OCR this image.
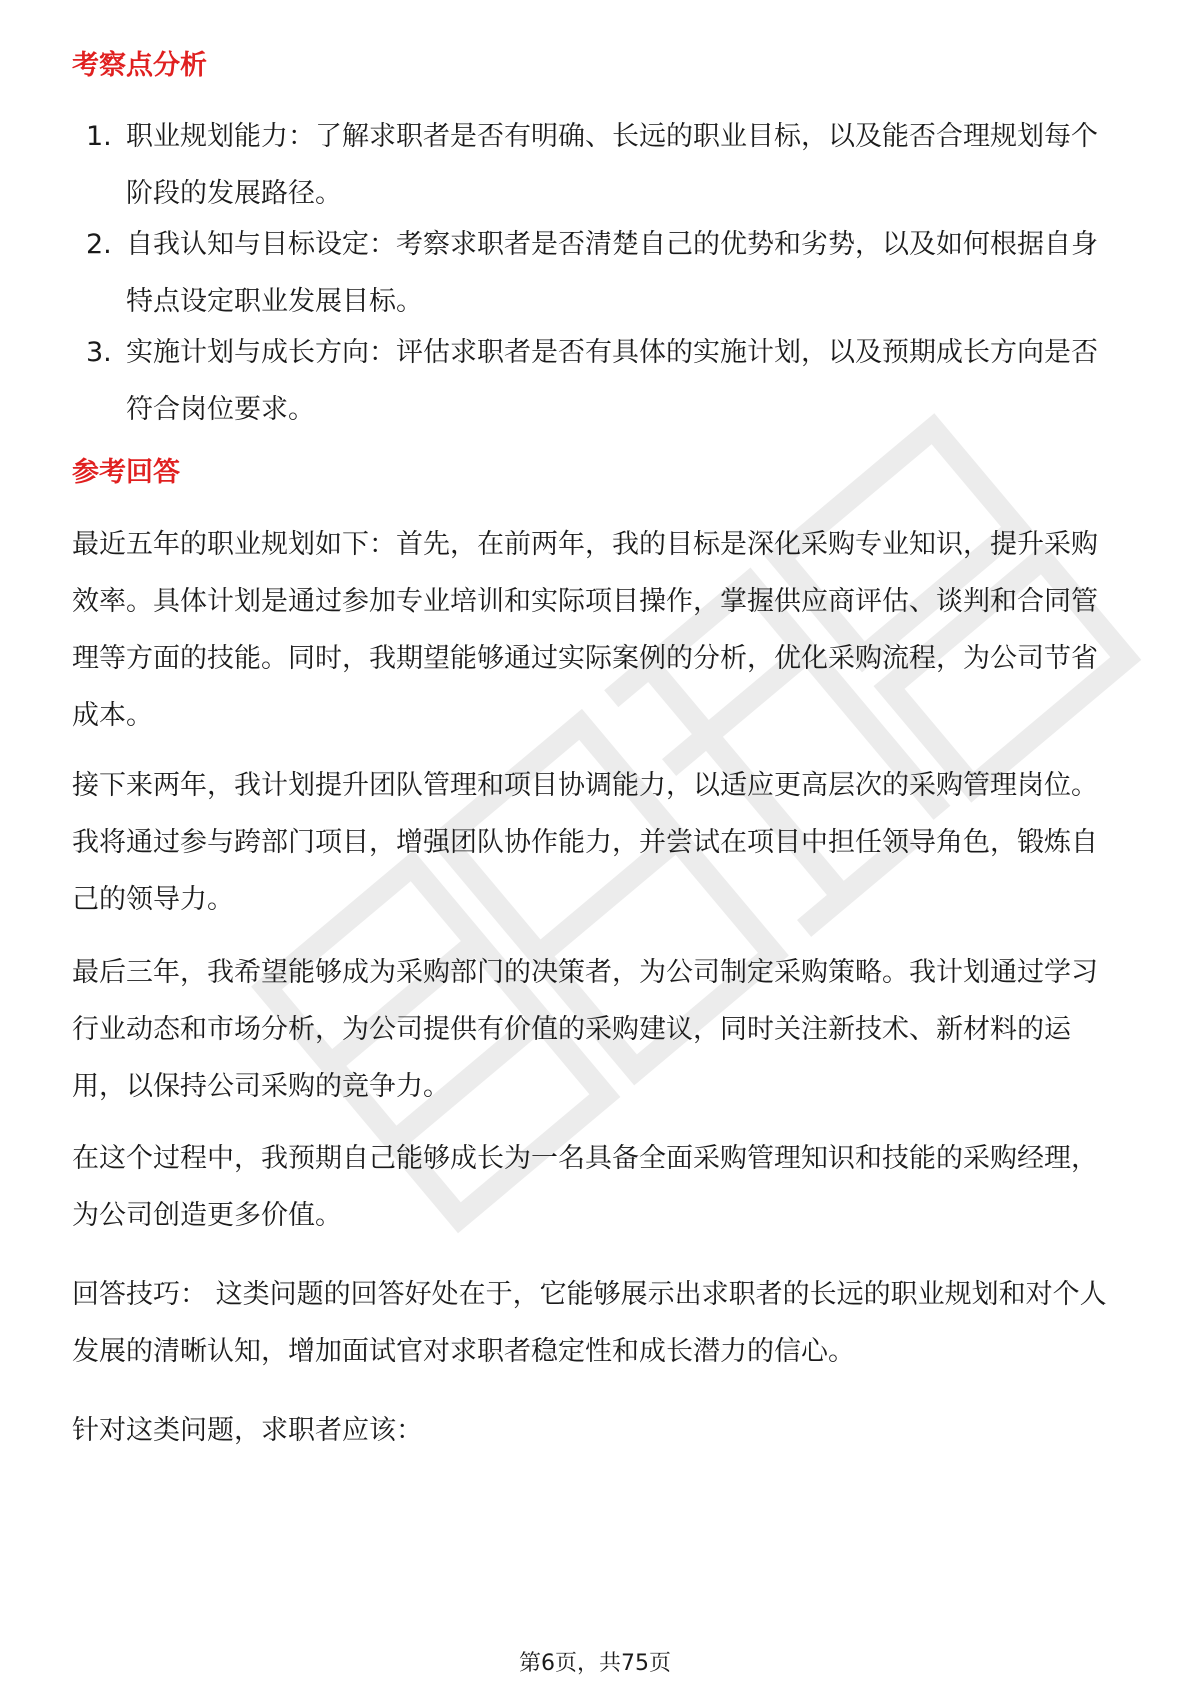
考察点分析
1. 职业规划能力：了解求职者是否有明确、长远的职业目标，以及能否合理规划每个阶段的发展路径。
2. 自我认知与目标设定：考察求职者是否清楚自己的优势和劣势，以及如何根据自身特点设定职业发展目标。
3. 实施计划与成长方向：评估求职者是否有具体的实施计划，以及预期成长方向是否符合岗位要求。
参考回答

最近五年的职业规划如下：首先，在前两年，我的目标是深化采购专业知识，提升采购效率。具体计划是通过参加专业培训和实际项目操作，掌握供应商评估、谈判和合同管理等方面的技能。同时，我期望能够通过实际案例的分析，优化采购流程，为公司节省成本。

接下来两年，我计划提升团队管理和项目协调能力，以适应更高层次的采购管理岗位。我将通过参与跨部门项目，增强团队协作能力，并尝试在项目中担任领导角色，锻炼自己的领导力。

最后三年，我希望能够成为采购部门的决策者，为公司制定采购策略。我计划通过学习行业动态和市场分析，为公司提供有价值的采购建议，同时关注新技术、新材料的运用，以保持公司采购的竞争力。

在这个过程中，我预期自己能够成长为一名具备全面采购管理知识和技能的采购经理，为公司创造更多价值。

回答技巧： 这类问题的回答好处在于，它能够展示出求职者的长远的职业规划和对个人发展的清晰认知，增加面试官对求职者稳定性和成长潜力的信心。

针对这类问题，求职者应该：

第6页，共75页
